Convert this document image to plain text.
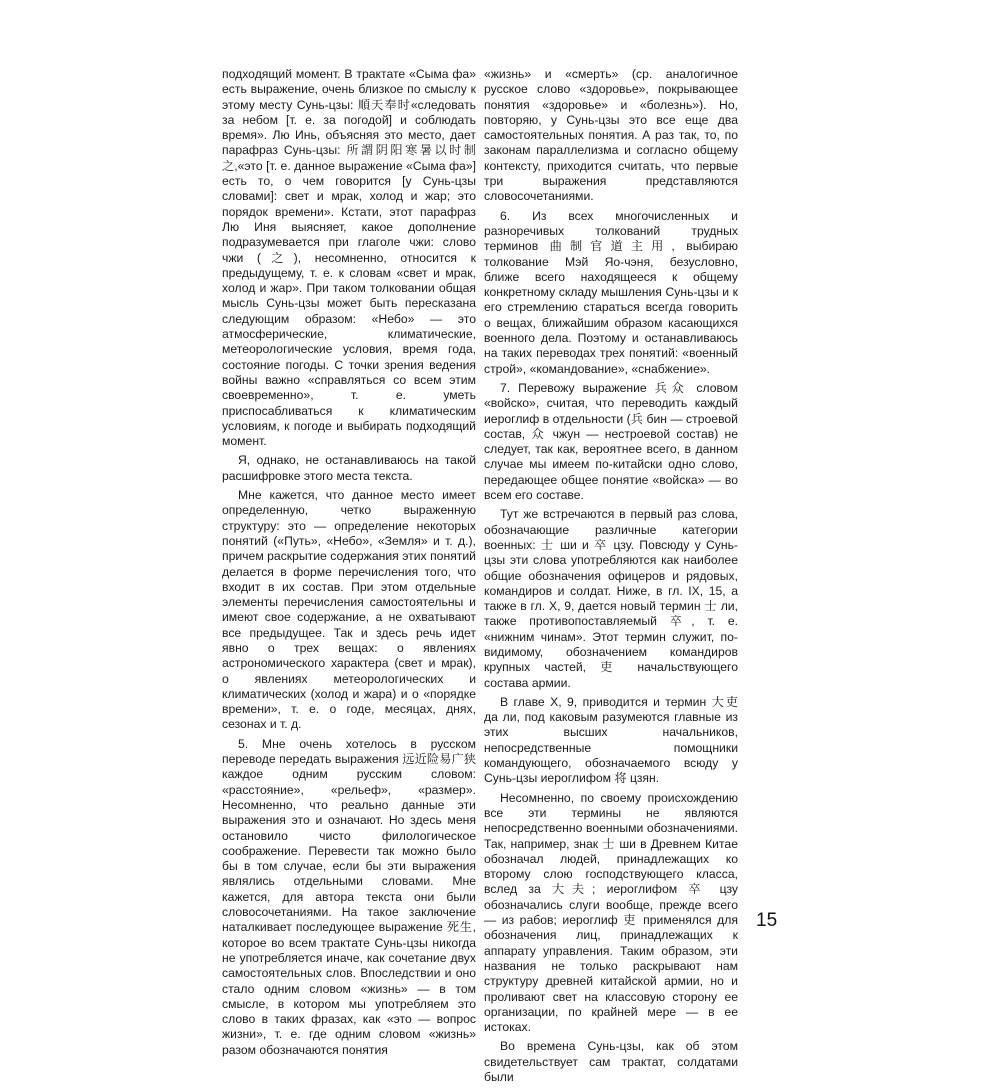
подходящий момент. В трактате «Сыма фа» есть выражение, очень близкое по смыслу к этому месту Сунь-цзы: 順天奉时«следовать за небом [т. е. за погодой] и соблюдать время». Лю Инь, объясняя это место, дает парафраз Сунь-цзы: 所謂阴阳寒暑以时制之,«это [т. е. данное выражение «Сыма фа»] есть то, о чем говорится [у Сунь-цзы словами]: свет и мрак, холод и жар; это порядок времени». Кстати, этот парафраз Лю Иня выясняет, какое дополнение подразумевается при глаголе чжи: слово чжи (之), несомненно, относится к предыдущему, т. е. к словам «свет и мрак, холод и жар». При таком толковании общая мысль Сунь-цзы может быть пересказана следующим образом: «Небо» — это атмосферические, климатические, метеорологические условия, время года, состояние погоды. С точки зрения ведения войны важно «справляться со всем этим своевременно», т. е. уметь приспосабливаться к климатическим условиям, к погоде и выбирать подходящий момент.

Я, однако, не останавливаюсь на такой расшифровке этого места текста.

Мне кажется, что данное место имеет определенную, четко выраженную структуру: это — определение некоторых понятий («Путь», «Небо», «Земля» и т. д.), причем раскрытие содержания этих понятий делается в форме перечисления того, что входит в их состав. При этом отдельные элементы перечисления самостоятельны и имеют свое содержание, а не охватывают все предыдущее. Так и здесь речь идет явно о трех вещах: о явлениях астрономического характера (свет и мрак), о явлениях метеорологических и климатических (холод и жара) и о «порядке времени», т. е. о годе, месяцах, днях, сезонах и т. д.

5. Мне очень хотелось в русском переводе передать выражения 远近险易广狭 каждое одним русским словом: «расстояние», «рельеф», «размер». Несомненно, что реально данные эти выражения это и означают. Но здесь меня остановило чисто филологическое соображение. Перевести так можно было бы в том случае, если бы эти выражения являлись отдельными словами. Мне кажется, для автора текста они были словосочетаниями. На такое заключение наталкивает последующее выражение 死生, которое во всем трактате Сунь-цзы никогда не употребляется иначе, как сочетание двух самостоятельных слов. Впоследствии и оно стало одним словом «жизнь» — в том смысле, в котором мы употребляем это слово в таких фразах, как «это — вопрос жизни», т. е. где одним словом «жизнь» разом обозначаются понятия

«жизнь» и «смерть» (ср. аналогичное русское слово «здоровье», покрывающее понятия «здоровье» и «болезнь»). Но, повторяю, у Сунь-цзы это все еще два самостоятельных понятия. А раз так, то, по законам параллелизма и согласно общему контексту, приходится считать, что первые три выражения представляются словосочетаниями.

6. Из всех многочисленных и разноречивых толкований трудных терминов 曲制官道主用, выбираю толкование Мэй Яо-чэня, безусловно, ближе всего находящееся к общему конкретному складу мышления Сунь-цзы и к его стремлению стараться всегда говорить о вещах, ближайшим образом касающихся военного дела. Поэтому и останавливаюсь на таких переводах трех понятий: «военный строй», «командование», «снабжение».

7. Перевожу выражение 兵众 словом «войско», считая, что переводить каждый иероглиф в отдельности (兵 бин — строевой состав, 众 чжун — нестроевой состав) не следует, так как, вероятнее всего, в данном случае мы имеем по-китайски одно слово, передающее общее понятие «войска» — во всем его составе.

Тут же встречаются в первый раз слова, обозначающие различные категории военных: 士 ши и 卒 цзу. Повсюду у Сунь-цзы эти слова употребляются как наиболее общие обозначения офицеров и рядовых, командиров и солдат. Ниже, в гл. IX, 15, а также в гл. X, 9, дается новый термин 士 ли, также противопоставляемый 卒, т. е. «нижним чинам». Этот термин служит, по-видимому, обозначением командиров крупных частей, 吏 начальствующего состава армии.

В главе X, 9, приводится и термин 大吏 да ли, под каковым разумеются главные из этих высших начальников, непосредственные помощники командующего, обозначаемого всюду у Сунь-цзы иероглифом 将 цзян.

Несомненно, по своему происхождению все эти термины не являются непосредственно военными обозначениями. Так, например, знак 士 ши в Древнем Китае обозначал людей, принадлежащих ко второму слою господствующего класса, вслед за 大夫; иероглифом 卒 цзу обозначались слуги вообще, прежде всего — из рабов; иероглиф 吏 применялся для обозначения лиц, принадлежащих к аппарату управления. Таким образом, эти названия не только раскрывают нам структуру древней китайской армии, но и проливают свет на классовую сторону ее организации, по крайней мере — в ее истоках.

Во времена Сунь-цзы, как об этом свидетельствует сам трактат, солдатами были

15
